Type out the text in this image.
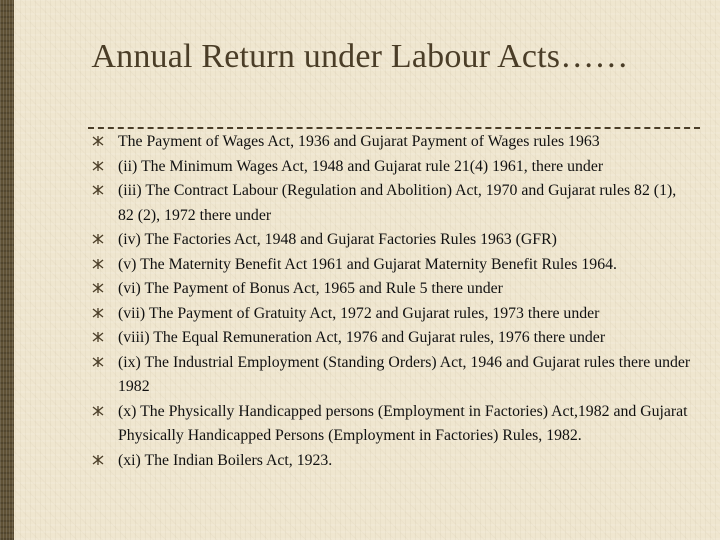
Annual Return under Labour Acts……
The Payment of Wages Act, 1936 and Gujarat Payment of Wages rules 1963
(ii) The Minimum Wages Act, 1948 and Gujarat rule 21(4) 1961, there under
(iii) The Contract Labour (Regulation and Abolition) Act, 1970 and Gujarat rules 82 (1), 82 (2), 1972 there under
(iv) The Factories Act, 1948 and Gujarat Factories Rules 1963 (GFR)
(v) The Maternity Benefit Act 1961 and Gujarat Maternity Benefit Rules 1964.
(vi) The Payment of Bonus Act, 1965 and Rule 5 there under
(vii) The Payment of Gratuity Act, 1972 and Gujarat rules, 1973 there under
(viii) The Equal Remuneration Act, 1976 and Gujarat rules, 1976 there under
(ix) The Industrial Employment (Standing Orders) Act, 1946 and Gujarat rules there under 1982
(x) The Physically Handicapped persons (Employment in Factories) Act,1982 and Gujarat Physically Handicapped Persons (Employment in Factories) Rules, 1982.
(xi) The Indian Boilers Act, 1923.
